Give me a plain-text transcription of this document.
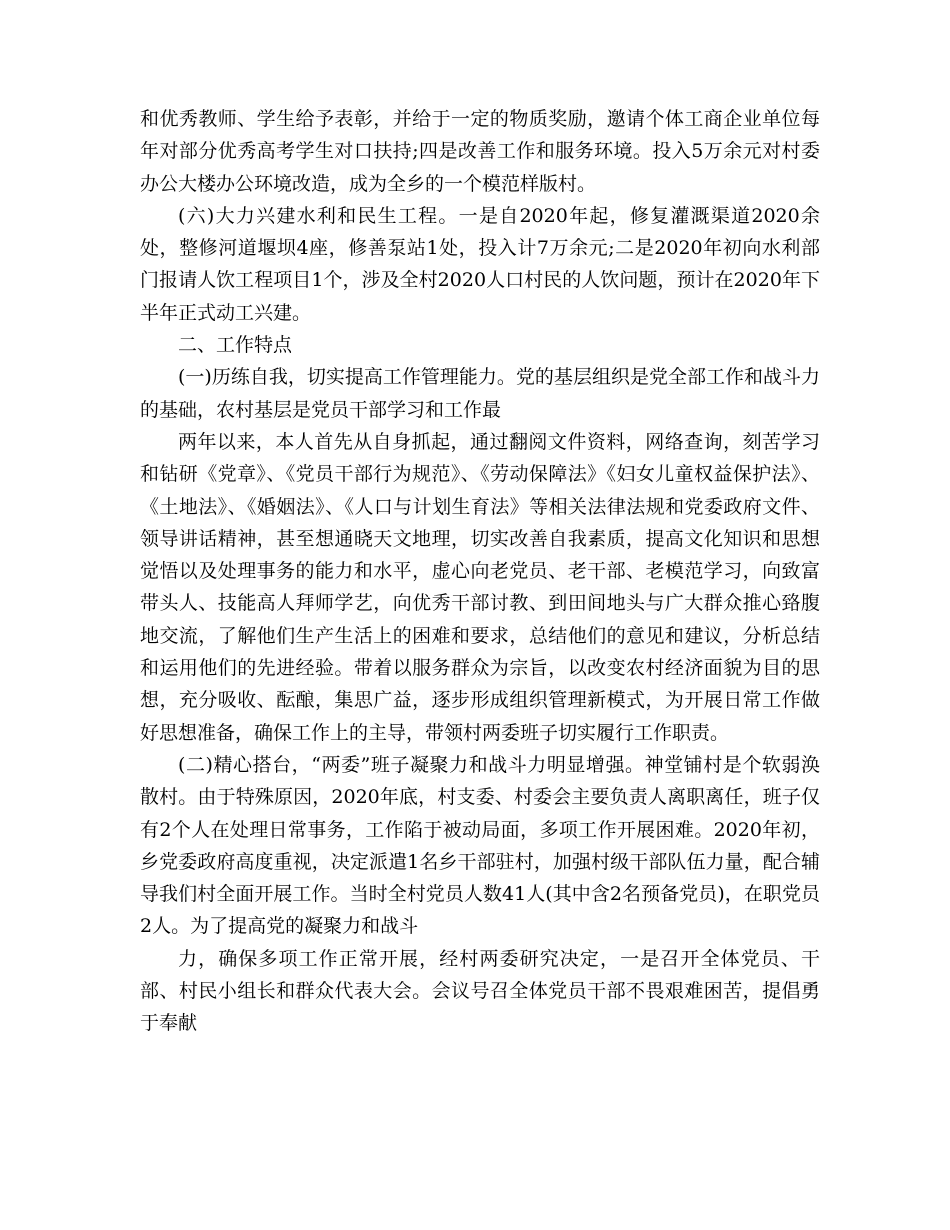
和优秀教师、学生给予表彰，并给于一定的物质奖励，邀请个体工商企业单位每年对部分优秀高考学生对口扶持;四是改善工作和服务环境。投入5万余元对村委办公大楼办公环境改造，成为全乡的一个模范样版村。

(六)大力兴建水利和民生工程。一是自2020年起，修复灌溉渠道2020余处，整修河道堰坝4座，修善泵站1处，投入计7万余元;二是2020年初向水利部门报请人饮工程项目1个，涉及全村2020人口村民的人饮问题，预计在2020年下半年正式动工兴建。

二、工作特点

(一)历练自我，切实提高工作管理能力。党的基层组织是党全部工作和战斗力的基础，农村基层是党员干部学习和工作最

两年以来，本人首先从自身抓起，通过翻阅文件资料，网络查询，刻苦学习和钻研《党章》、《党员干部行为规范》、《劳动保障法》《妇女儿童权益保护法》、《土地法》、《婚姻法》、《人口与计划生育法》等相关法律法规和党委政府文件、领导讲话精神，甚至想通晓天文地理，切实改善自我素质，提高文化知识和思想觉悟以及处理事务的能力和水平，虚心向老党员、老干部、老模范学习，向致富带头人、技能高人拜师学艺，向优秀干部讨教、到田间地头与广大群众推心臵腹地交流，了解他们生产生活上的困难和要求，总结他们的意见和建议，分析总结和运用他们的先进经验。带着以服务群众为宗旨，以改变农村经济面貌为目的思想，充分吸收、酝酿，集思广益，逐步形成组织管理新模式，为开展日常工作做好思想准备，确保工作上的主导，带领村两委班子切实履行工作职责。

(二)精心搭台，“两委”班子凝聚力和战斗力明显增强。神堂铺村是个软弱涣散村。由于特殊原因，2020年底，村支委、村委会主要负责人离职离任，班子仅有2个人在处理日常事务，工作陷于被动局面，多项工作开展困难。2020年初，乡党委政府高度重视，决定派遣1名乡干部驻村，加强村级干部队伍力量，配合辅导我们村全面开展工作。当时全村党员人数41人(其中含2名预备党员)，在职党员2人。为了提高党的凝聚力和战斗

力，确保多项工作正常开展，经村两委研究决定，一是召开全体党员、干部、村民小组长和群众代表大会。会议号召全体党员干部不畏艰难困苦，提倡勇于奉献
